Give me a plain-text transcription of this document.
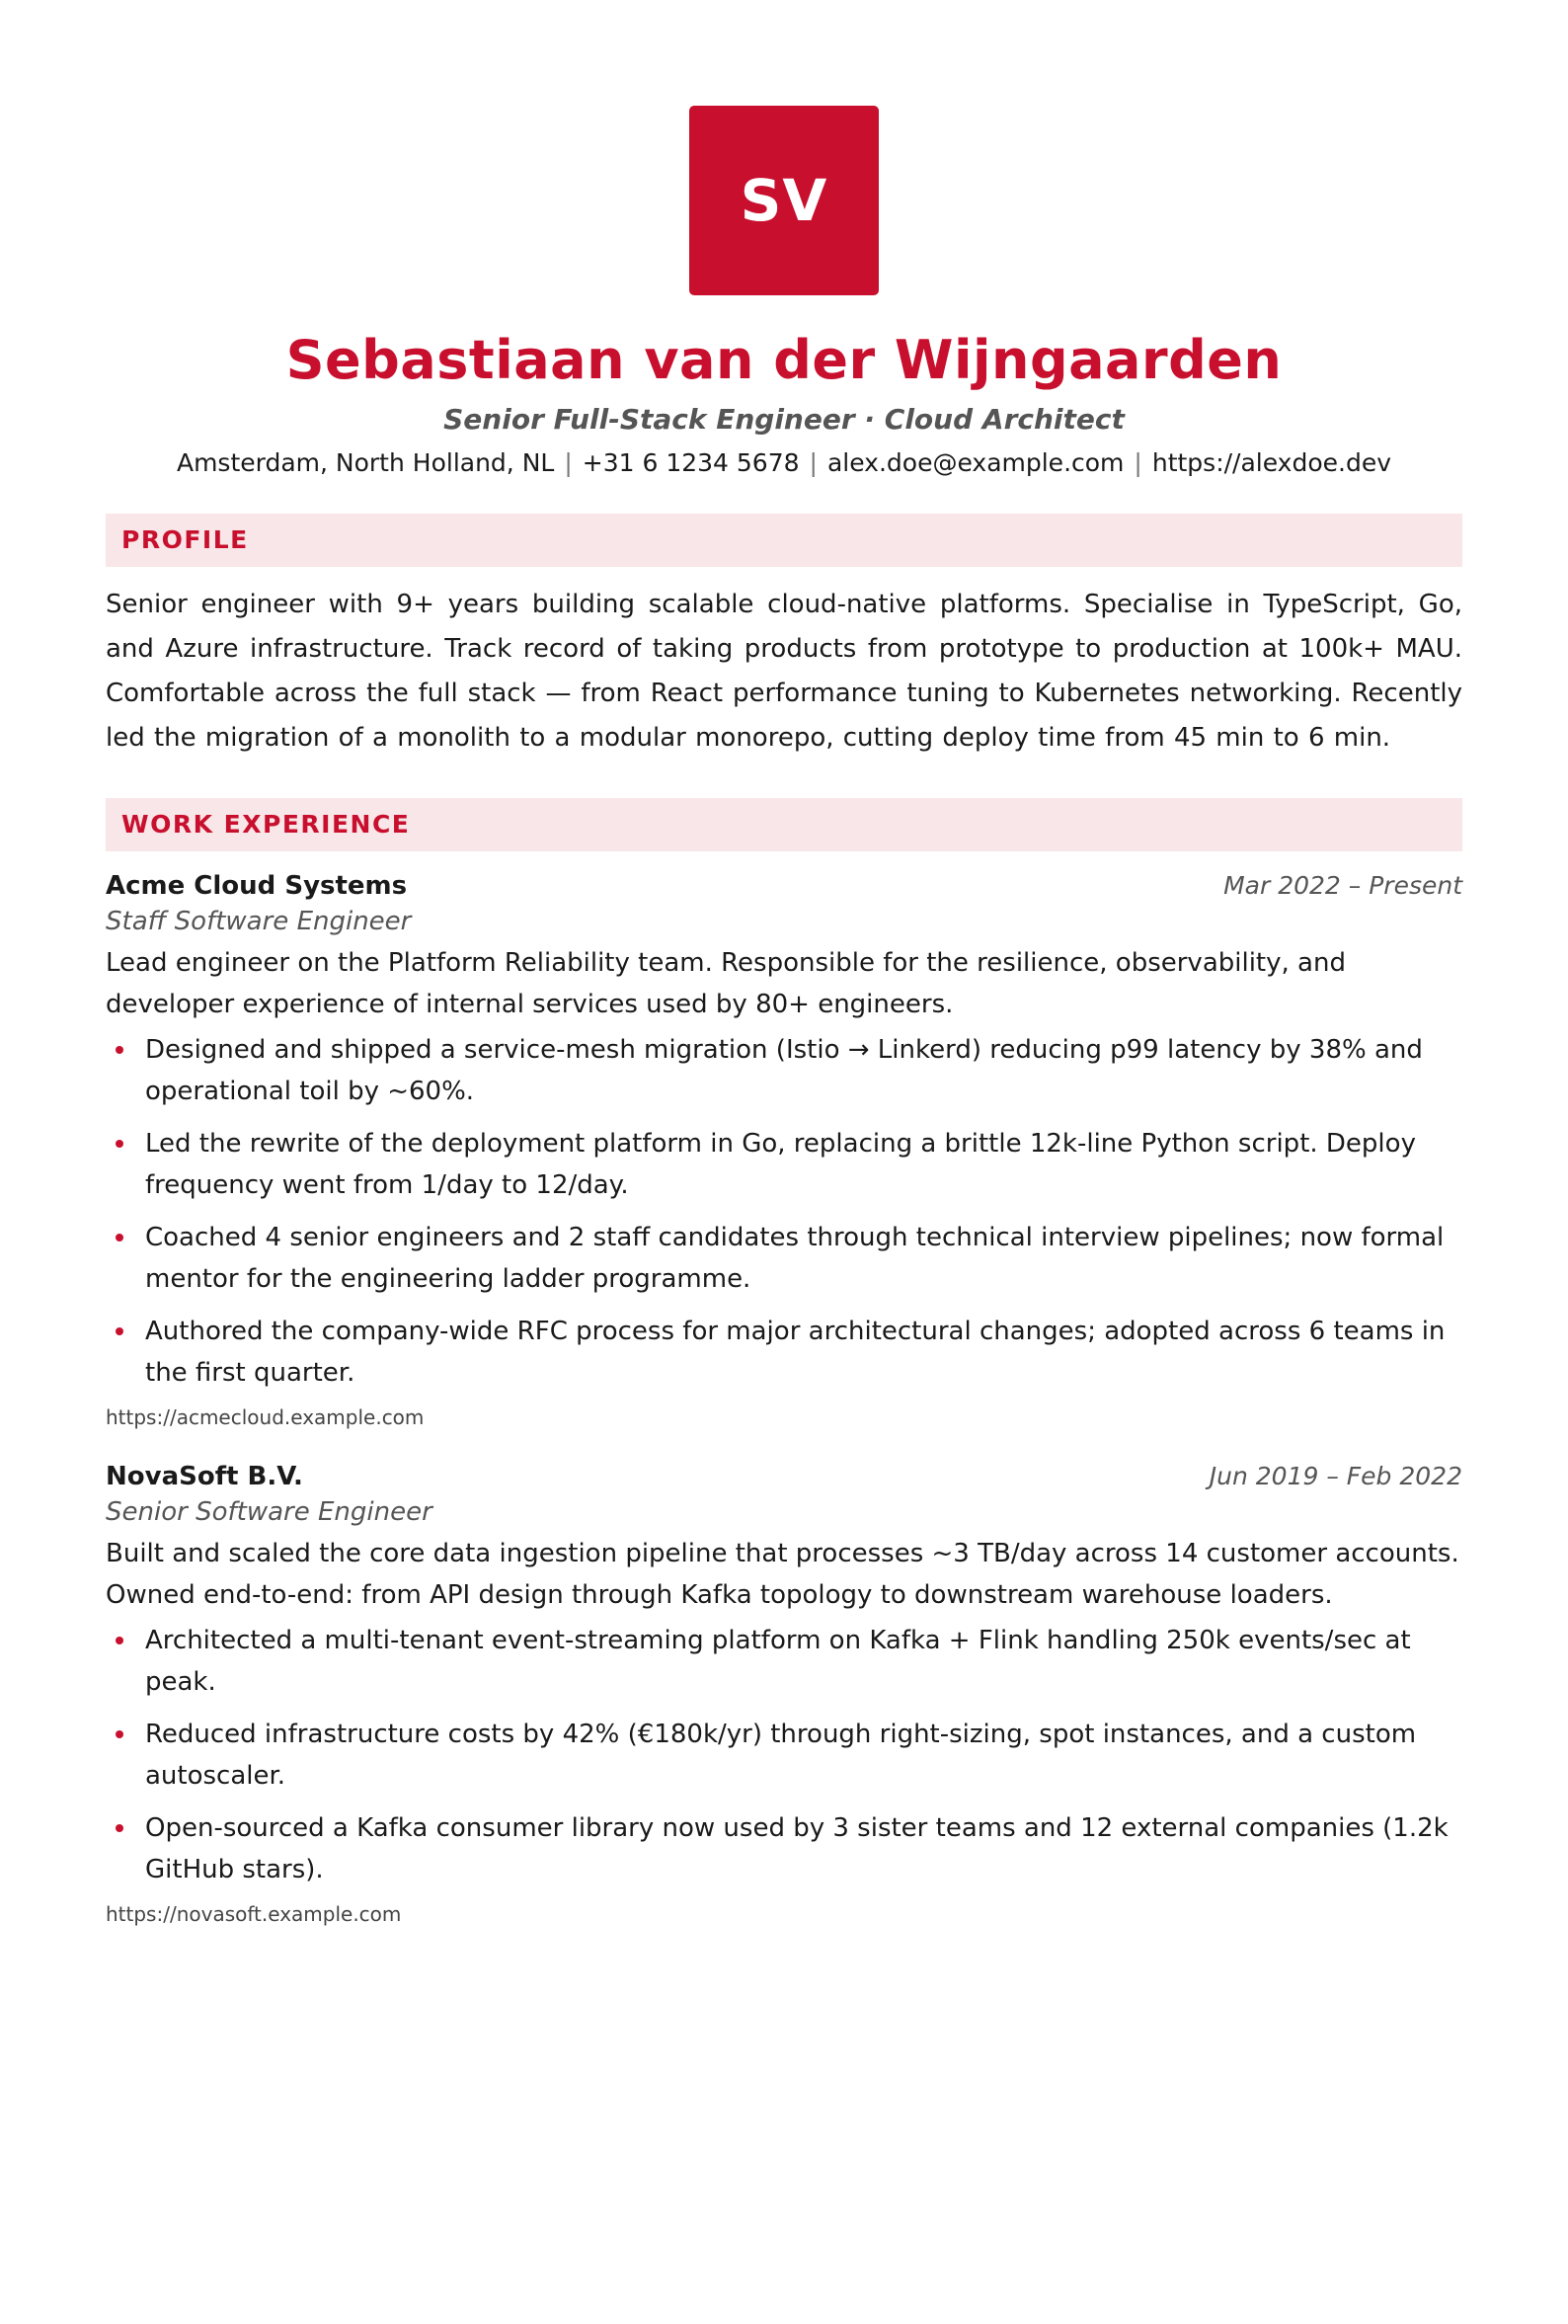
SV
Sebastiaan van der Wijngaarden
Senior Full-Stack Engineer · Cloud Architect
Amsterdam, North Holland, NL | +31 6 1234 5678 | alex.doe@example.com | https://alexdoe.dev
PROFILE
Senior engineer with 9+ years building scalable cloud-native platforms. Specialise in TypeScript, Go, and Azure infrastructure. Track record of taking products from prototype to production at 100k+ MAU. Comfortable across the full stack — from React performance tuning to Kubernetes networking. Recently led the migration of a monolith to a modular monorepo, cutting deploy time from 45 min to 6 min.
WORK EXPERIENCE
Acme Cloud Systems	Mar 2022 – Present
Staff Software Engineer
Lead engineer on the Platform Reliability team. Responsible for the resilience, observability, and developer experience of internal services used by 80+ engineers.
Designed and shipped a service-mesh migration (Istio → Linkerd) reducing p99 latency by 38% and operational toil by ~60%.
Led the rewrite of the deployment platform in Go, replacing a brittle 12k-line Python script. Deploy frequency went from 1/day to 12/day.
Coached 4 senior engineers and 2 staff candidates through technical interview pipelines; now formal mentor for the engineering ladder programme.
Authored the company-wide RFC process for major architectural changes; adopted across 6 teams in the first quarter.
https://acmecloud.example.com
NovaSoft B.V.	Jun 2019 – Feb 2022
Senior Software Engineer
Built and scaled the core data ingestion pipeline that processes ~3 TB/day across 14 customer accounts. Owned end-to-end: from API design through Kafka topology to downstream warehouse loaders.
Architected a multi-tenant event-streaming platform on Kafka + Flink handling 250k events/sec at peak.
Reduced infrastructure costs by 42% (€180k/yr) through right-sizing, spot instances, and a custom autoscaler.
Open-sourced a Kafka consumer library now used by 3 sister teams and 12 external companies (1.2k GitHub stars).
https://novasoft.example.com
